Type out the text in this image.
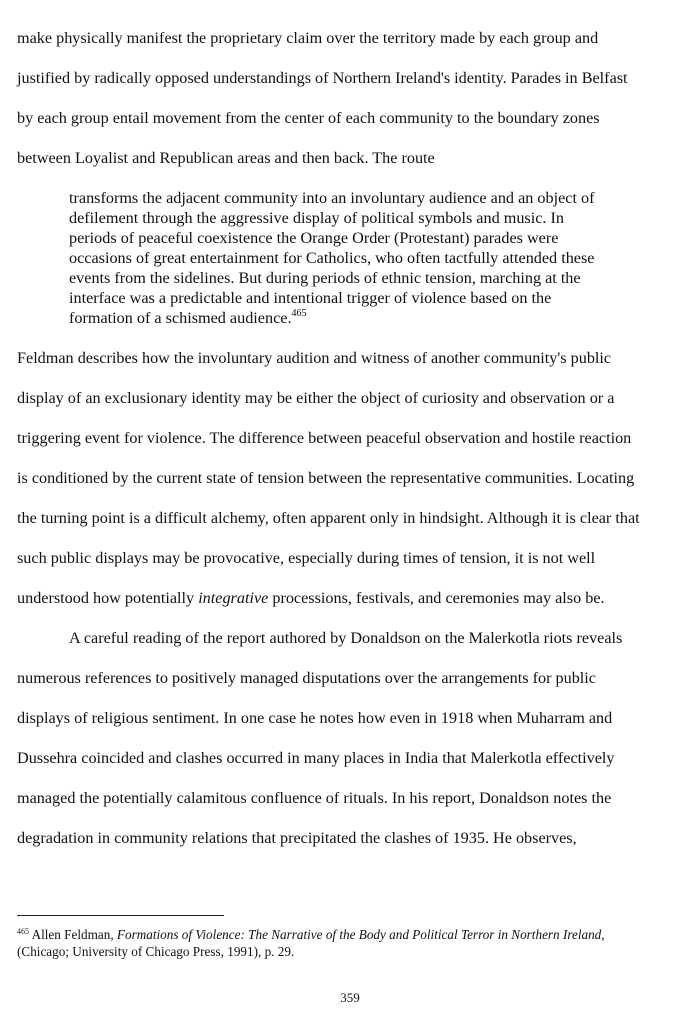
make physically manifest the proprietary claim over the territory made by each group and
justified by radically opposed understandings of Northern Ireland's identity. Parades in Belfast
by each group entail movement from the center of each community to the boundary zones
between Loyalist and Republican areas and then back. The route
transforms the adjacent community into an involuntary audience and an object of
defilement through the aggressive display of political symbols and music. In
periods of peaceful coexistence the Orange Order (Protestant) parades were
occasions of great entertainment for Catholics, who often tactfully attended these
events from the sidelines. But during periods of ethnic tension, marching at the
interface was a predictable and intentional trigger of violence based on the
formation of a schismed audience.$^{465}$
Feldman describes how the involuntary audition and witness of another community's public
display of an exclusionary identity may be either the object of curiosity and observation or a
triggering event for violence. The difference between peaceful observation and hostile reaction
is conditioned by the current state of tension between the representative communities. Locating
the turning point is a difficult alchemy, often apparent only in hindsight. Although it is clear that
such public displays may be provocative, especially during times of tension, it is not well
understood how potentially integrative processions, festivals, and ceremonies may also be.
A careful reading of the report authored by Donaldson on the Malerkotla riots reveals
numerous references to positively managed disputations over the arrangements for public
displays of religious sentiment. In one case he notes how even in 1918 when Muharram and
Dussehra coincided and clashes occurred in many places in India that Malerkotla effectively
managed the potentially calamitous confluence of rituals. In his report, Donaldson notes the
degradation in community relations that precipitated the clashes of 1935. He observes,
$^{465}$ Allen Feldman, Formations of Violence: The Narrative of the Body and Political Terror in Northern Ireland,
(Chicago; University of Chicago Press, 1991), p. 29.
359
